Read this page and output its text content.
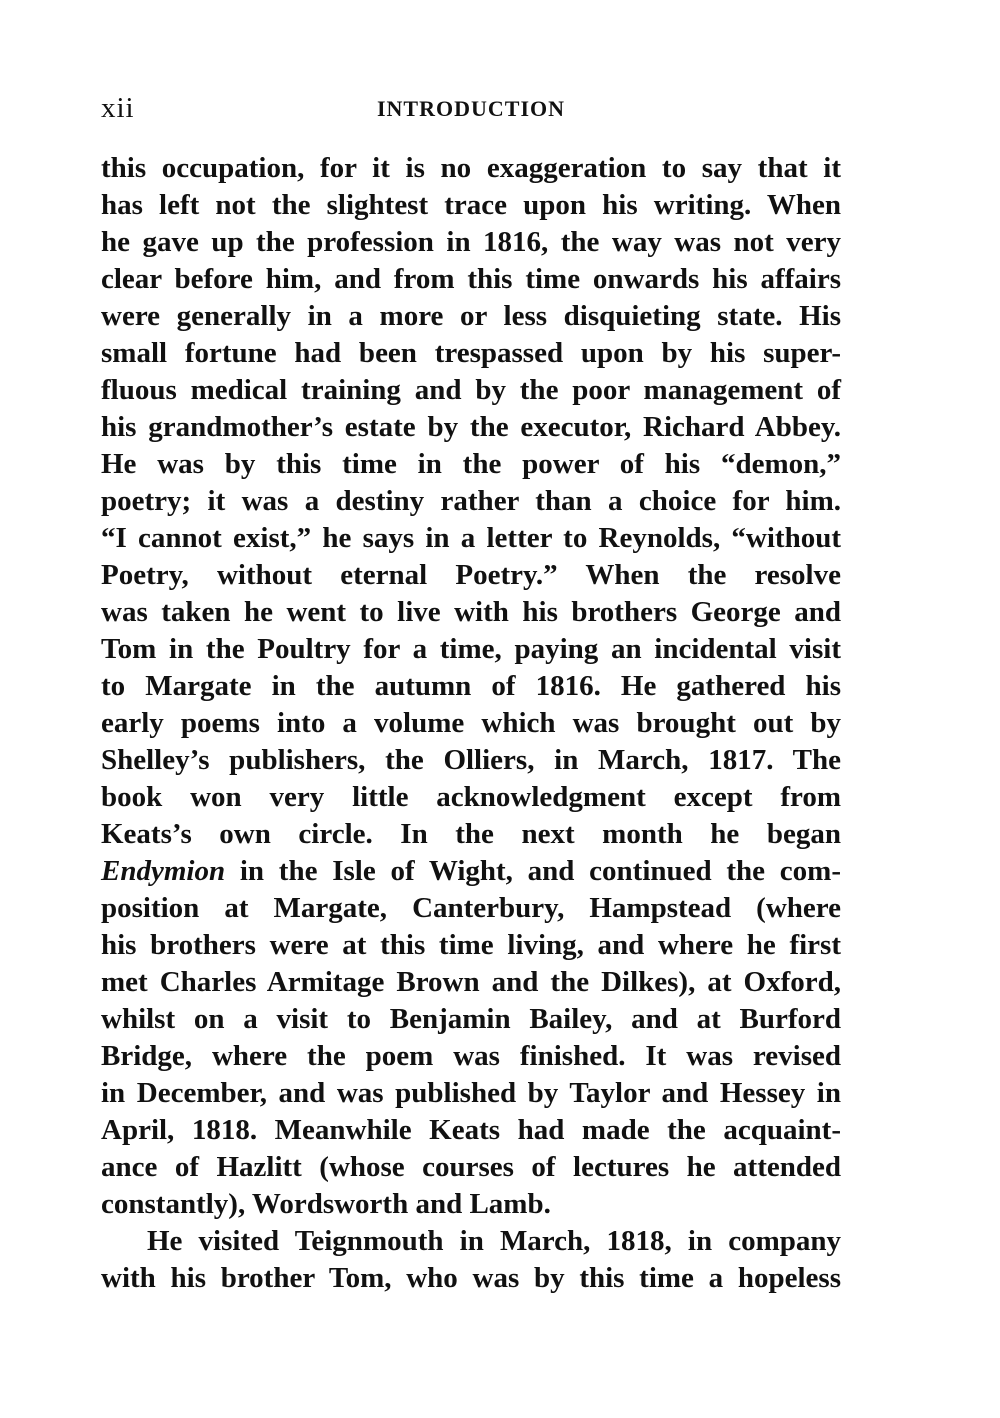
xii	INTRODUCTION
this occupation, for it is no exaggeration to say that it
has left not the slightest trace upon his writing. When
he gave up the profession in 1816, the way was not very
clear before him, and from this time onwards his affairs
were generally in a more or less disquieting state. His
small fortune had been trespassed upon by his super-
fluous medical training and by the poor management of
his grandmother’s estate by the executor, Richard Abbey.
He was by this time in the power of his “demon,”
poetry; it was a destiny rather than a choice for him.
“I cannot exist,” he says in a letter to Reynolds, “without
Poetry, without eternal Poetry.” When the resolve
was taken he went to live with his brothers George and
Tom in the Poultry for a time, paying an incidental visit
to Margate in the autumn of 1816. He gathered his
early poems into a volume which was brought out by
Shelley’s publishers, the Olliers, in March, 1817. The
book won very little acknowledgment except from
Keats’s own circle. In the next month he began
Endymion in the Isle of Wight, and continued the com-
position at Margate, Canterbury, Hampstead (where
his brothers were at this time living, and where he first
met Charles Armitage Brown and the Dilkes), at Oxford,
whilst on a visit to Benjamin Bailey, and at Burford
Bridge, where the poem was finished. It was revised
in December, and was published by Taylor and Hessey in
April, 1818. Meanwhile Keats had made the acquaint-
ance of Hazlitt (whose courses of lectures he attended
constantly), Wordsworth and Lamb.
He visited Teignmouth in March, 1818, in company
with his brother Tom, who was by this time a hopeless
